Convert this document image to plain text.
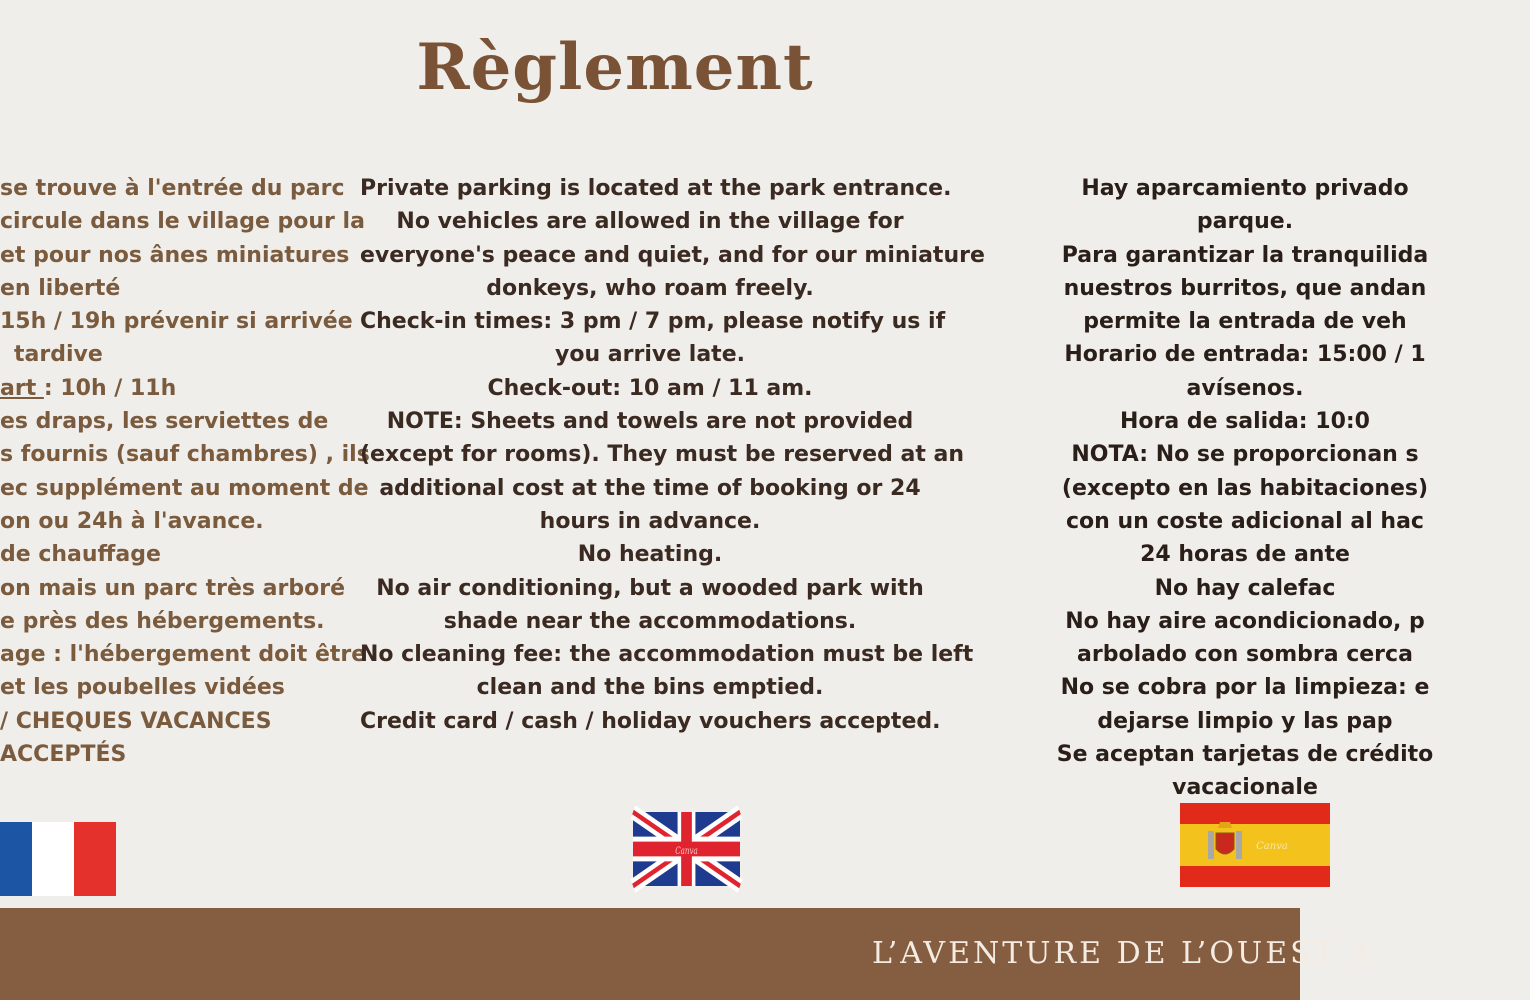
Règlement
se trouve à l'entrée du parc
circule dans le village pour la
et pour nos ânes miniatures
en liberté
15h / 19h prévenir si arrivée
tardive
art : 10h / 11h
es draps, les serviettes de
s fournis (sauf chambres) , ils
ec supplément au moment de
on ou 24h à l'avance.
de chauffage
on mais un parc très arboré
e près des hébergements.
age : l'hébergement doit être
et les poubelles vidées
/ CHEQUES VACANCES
ACCEPTÉS
Private parking is located at the park entrance.
No vehicles are allowed in the village for
everyone's peace and quiet, and for our miniature
donkeys, who roam freely.
Check-in times: 3 pm / 7 pm, please notify us if
you arrive late.
Check-out: 10 am / 11 am.
NOTE: Sheets and towels are not provided
(except for rooms). They must be reserved at an
additional cost at the time of booking or 24
hours in advance.
No heating.
No air conditioning, but a wooded park with
shade near the accommodations.
No cleaning fee: the accommodation must be left
clean and the bins emptied.
Credit card / cash / holiday vouchers accepted.
Hay aparcamiento privado
parque.
Para garantizar la tranquilida
nuestros burritos, que andan
permite la entrada de veh
Horario de entrada: 15:00 / 1
avísenos.
Hora de salida: 10:0
NOTA: No se proporcionan s
(excepto en las habitaciones)
con un coste adicional al hac
24 horas de ante
No hay calefac
No hay aire acondicionado, p
arbolado con sombra cerca
No se cobra por la limpieza: e
dejarse limpio y las pap
Se aceptan tarjetas de crédito
vacacionale
Canva	Canva
L’AVENTURE DE L’OUEST A
